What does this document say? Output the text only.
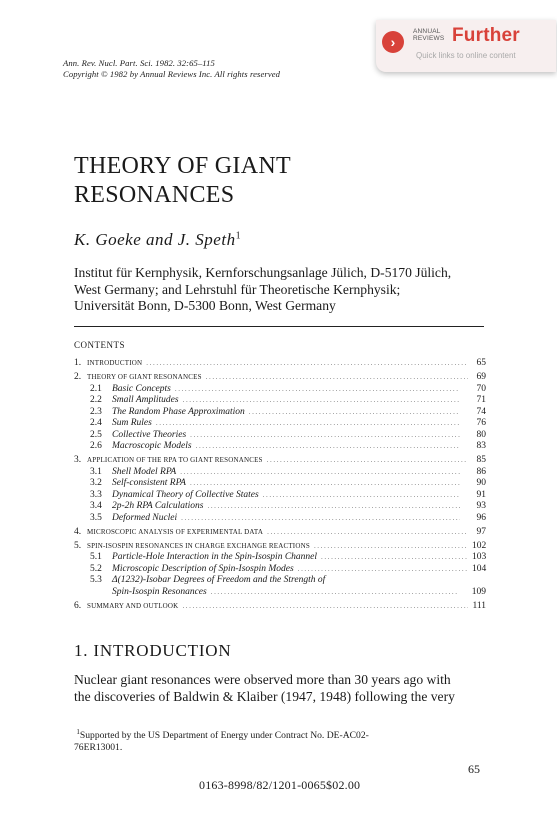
Ann. Rev. Nucl. Part. Sci. 1982. 32:65–115
Copyright © 1982 by Annual Reviews Inc. All rights reserved
›
ANNUAL
REVIEWS Further
Quick links to online content
THEORY OF GIANT
RESONANCES
K. Goeke and J. Speth$^1$
Institut für Kernphysik, Kernforschungsanlage Jülich, D-5170 Jülich,
West Germany; and Lehrstuhl für Theoretische Kernphysik;
Universität Bonn, D-5300 Bonn, West Germany
CONTENTS
1. INTRODUCTION .....	65
2. THEORY OF GIANT RESONANCES .....	69
2.1	Basic Concepts .....	70
2.2	Small Amplitudes .....	71
2.3	The Random Phase Approximation .....	74
2.4	Sum Rules .....	76
2.5	Collective Theories .....	80
2.6	Macroscopic Models .....	83
3. APPLICATION OF THE RPA TO GIANT RESONANCES .....	85
3.1	Shell Model RPA .....	86
3.2	Self-consistent RPA .....	90
3.3	Dynamical Theory of Collective States .....	91
3.4	2p-2h RPA Calculations .....	93
3.5	Deformed Nuclei .....	96
4. MICROSCOPIC ANALYSIS OF EXPERIMENTAL DATA .....	97
5. SPIN-ISOSPIN RESONANCES IN CHARGE EXCHANGE REACTIONS .....	102
5.1	Particle-Hole Interaction in the Spin-Isospin Channel .....	103
5.2	Microscopic Description of Spin-Isospin Modes .....	104
5.3	Δ(1232)-Isobar Degrees of Freedom and the Strength of
Spin-Isospin Resonances .....	109
6. SUMMARY AND OUTLOOK .....	111
1. INTRODUCTION
Nuclear giant resonances were observed more than 30 years ago with
the discoveries of Baldwin & Klaiber (1947, 1948) following the very
$^1$Supported by the US Department of Energy under Contract No. DE-AC02-
76ER13001.
65
0163-8998/82/1201-0065$02.00
